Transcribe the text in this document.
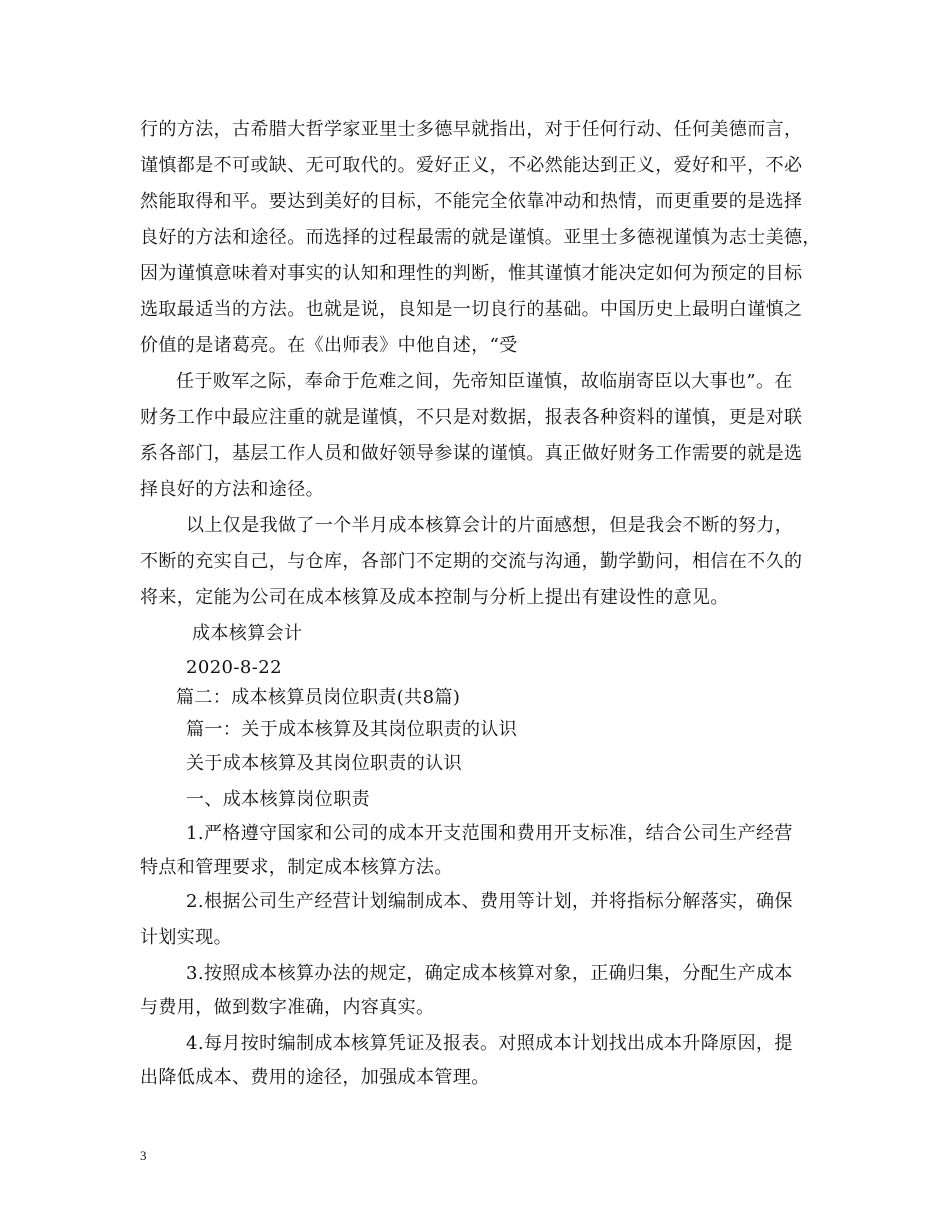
行的方法，古希腊大哲学家亚里士多德早就指出，对于任何行动、任何美德而言，
谨慎都是不可或缺、无可取代的。爱好正义，不必然能达到正义，爱好和平，不必
然能取得和平。要达到美好的目标，不能完全依靠冲动和热情，而更重要的是选择
良好的方法和途径。而选择的过程最需的就是谨慎。亚里士多德视谨慎为志士美德，
因为谨慎意味着对事实的认知和理性的判断，惟其谨慎才能决定如何为预定的目标
选取最适当的方法。也就是说，良知是一切良行的基础。中国历史上最明白谨慎之
价值的是诸葛亮。在《出师表》中他自述，“受
任于败军之际，奉命于危难之间，先帝知臣谨慎，故临崩寄臣以大事也”。在
财务工作中最应注重的就是谨慎，不只是对数据，报表各种资料的谨慎，更是对联
系各部门，基层工作人员和做好领导参谋的谨慎。真正做好财务工作需要的就是选
择良好的方法和途径。
以上仅是我做了一个半月成本核算会计的片面感想，但是我会不断的努力，
不断的充实自己，与仓库，各部门不定期的交流与沟通，勤学勤问，相信在不久的
将来，定能为公司在成本核算及成本控制与分析上提出有建设性的意见。
成本核算会计
2020-8-22
篇二：成本核算员岗位职责(共8篇)
篇一：关于成本核算及其岗位职责的认识
关于成本核算及其岗位职责的认识
一、成本核算岗位职责
1.严格遵守国家和公司的成本开支范围和费用开支标准，结合公司生产经营
特点和管理要求，制定成本核算方法。
2.根据公司生产经营计划编制成本、费用等计划，并将指标分解落实，确保
计划实现。
3.按照成本核算办法的规定，确定成本核算对象，正确归集，分配生产成本
与费用，做到数字准确，内容真实。
4.每月按时编制成本核算凭证及报表。对照成本计划找出成本升降原因，提
出降低成本、费用的途径，加强成本管理。
3
